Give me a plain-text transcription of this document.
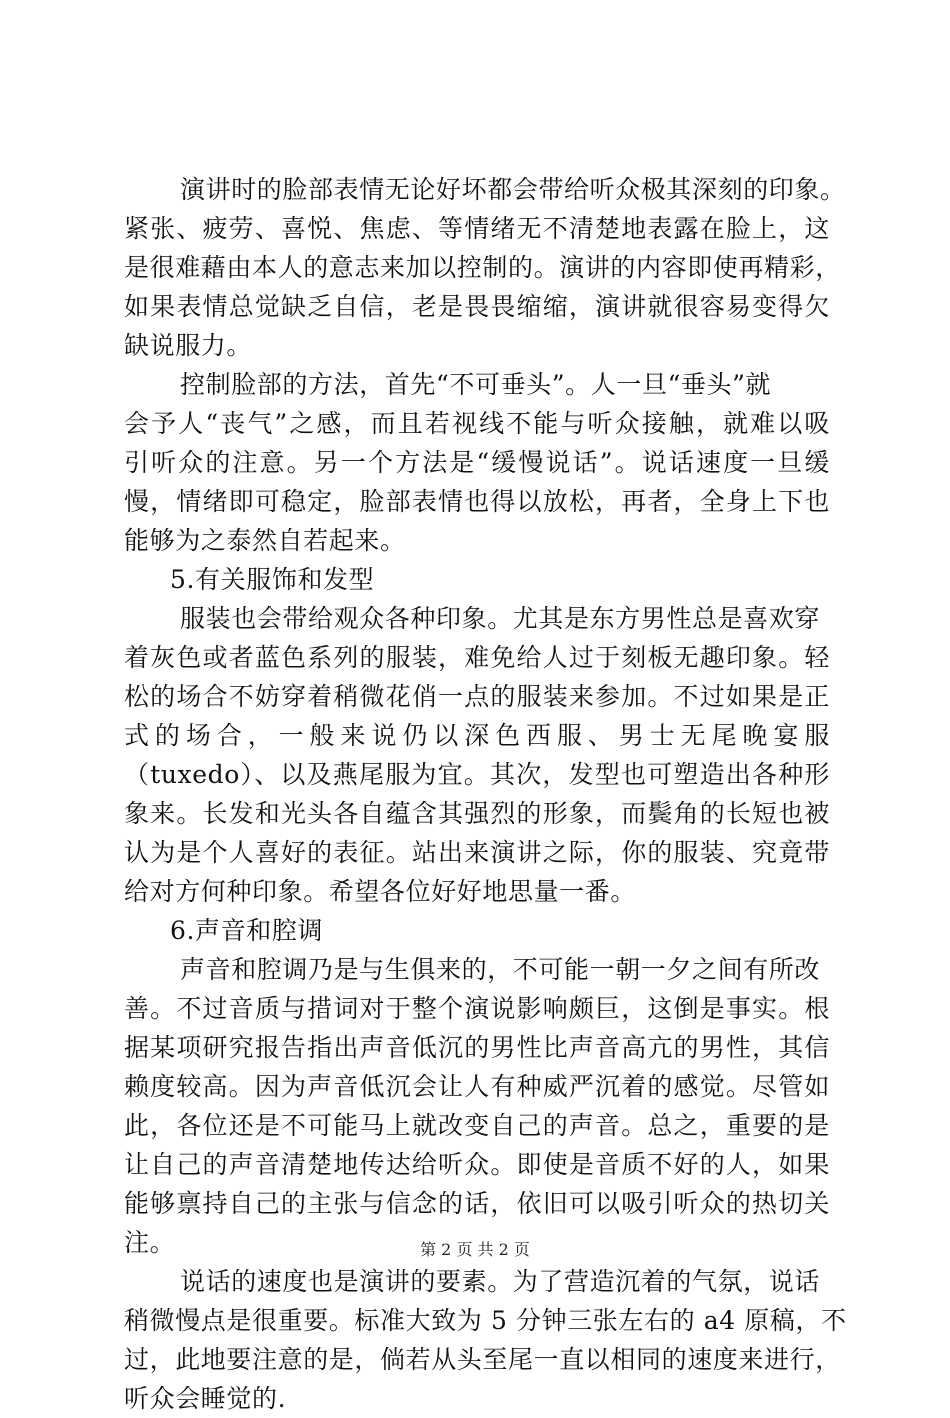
演讲时的脸部表情无论好坏都会带给听众极其深刻的印象。
紧张、疲劳、喜悦、焦虑、等情绪无不清楚地表露在脸上，这
是很难藉由本人的意志来加以控制的。演讲的内容即使再精彩，
如果表情总觉缺乏自信，老是畏畏缩缩，演讲就很容易变得欠
缺说服力。
控制脸部的方法，首先“不可垂头”。人一旦“垂头”就
会予人“丧气”之感，而且若视线不能与听众接触，就难以吸
引听众的注意。另一个方法是“缓慢说话”。说话速度一旦缓
慢，情绪即可稳定，脸部表情也得以放松，再者，全身上下也
能够为之泰然自若起来。
5.有关服饰和发型
服装也会带给观众各种印象。尤其是东方男性总是喜欢穿
着灰色或者蓝色系列的服装，难免给人过于刻板无趣印象。轻
松的场合不妨穿着稍微花俏一点的服装来参加。不过如果是正
式的场合，一般来说仍以深色西服、男士无尾晚宴服
（tuxedo）、以及燕尾服为宜。其次，发型也可塑造出各种形
象来。长发和光头各自蕴含其强烈的形象，而鬓角的长短也被
认为是个人喜好的表征。站出来演讲之际，你的服装、究竟带
给对方何种印象。希望各位好好地思量一番。
6.声音和腔调
声音和腔调乃是与生俱来的，不可能一朝一夕之间有所改
善。不过音质与措词对于整个演说影响颇巨，这倒是事实。根
据某项研究报告指出声音低沉的男性比声音高亢的男性，其信
赖度较高。因为声音低沉会让人有种威严沉着的感觉。尽管如
此，各位还是不可能马上就改变自己的声音。总之，重要的是
让自己的声音清楚地传达给听众。即使是音质不好的人，如果
能够禀持自己的主张与信念的话，依旧可以吸引听众的热切关
注。
说话的速度也是演讲的要素。为了营造沉着的气氛，说话
稍微慢点是很重要。标准大致为 5 分钟三张左右的 a4 原稿，不
过，此地要注意的是，倘若从头至尾一直以相同的速度来进行，
听众会睡觉的.
第 2 页 共 2 页
